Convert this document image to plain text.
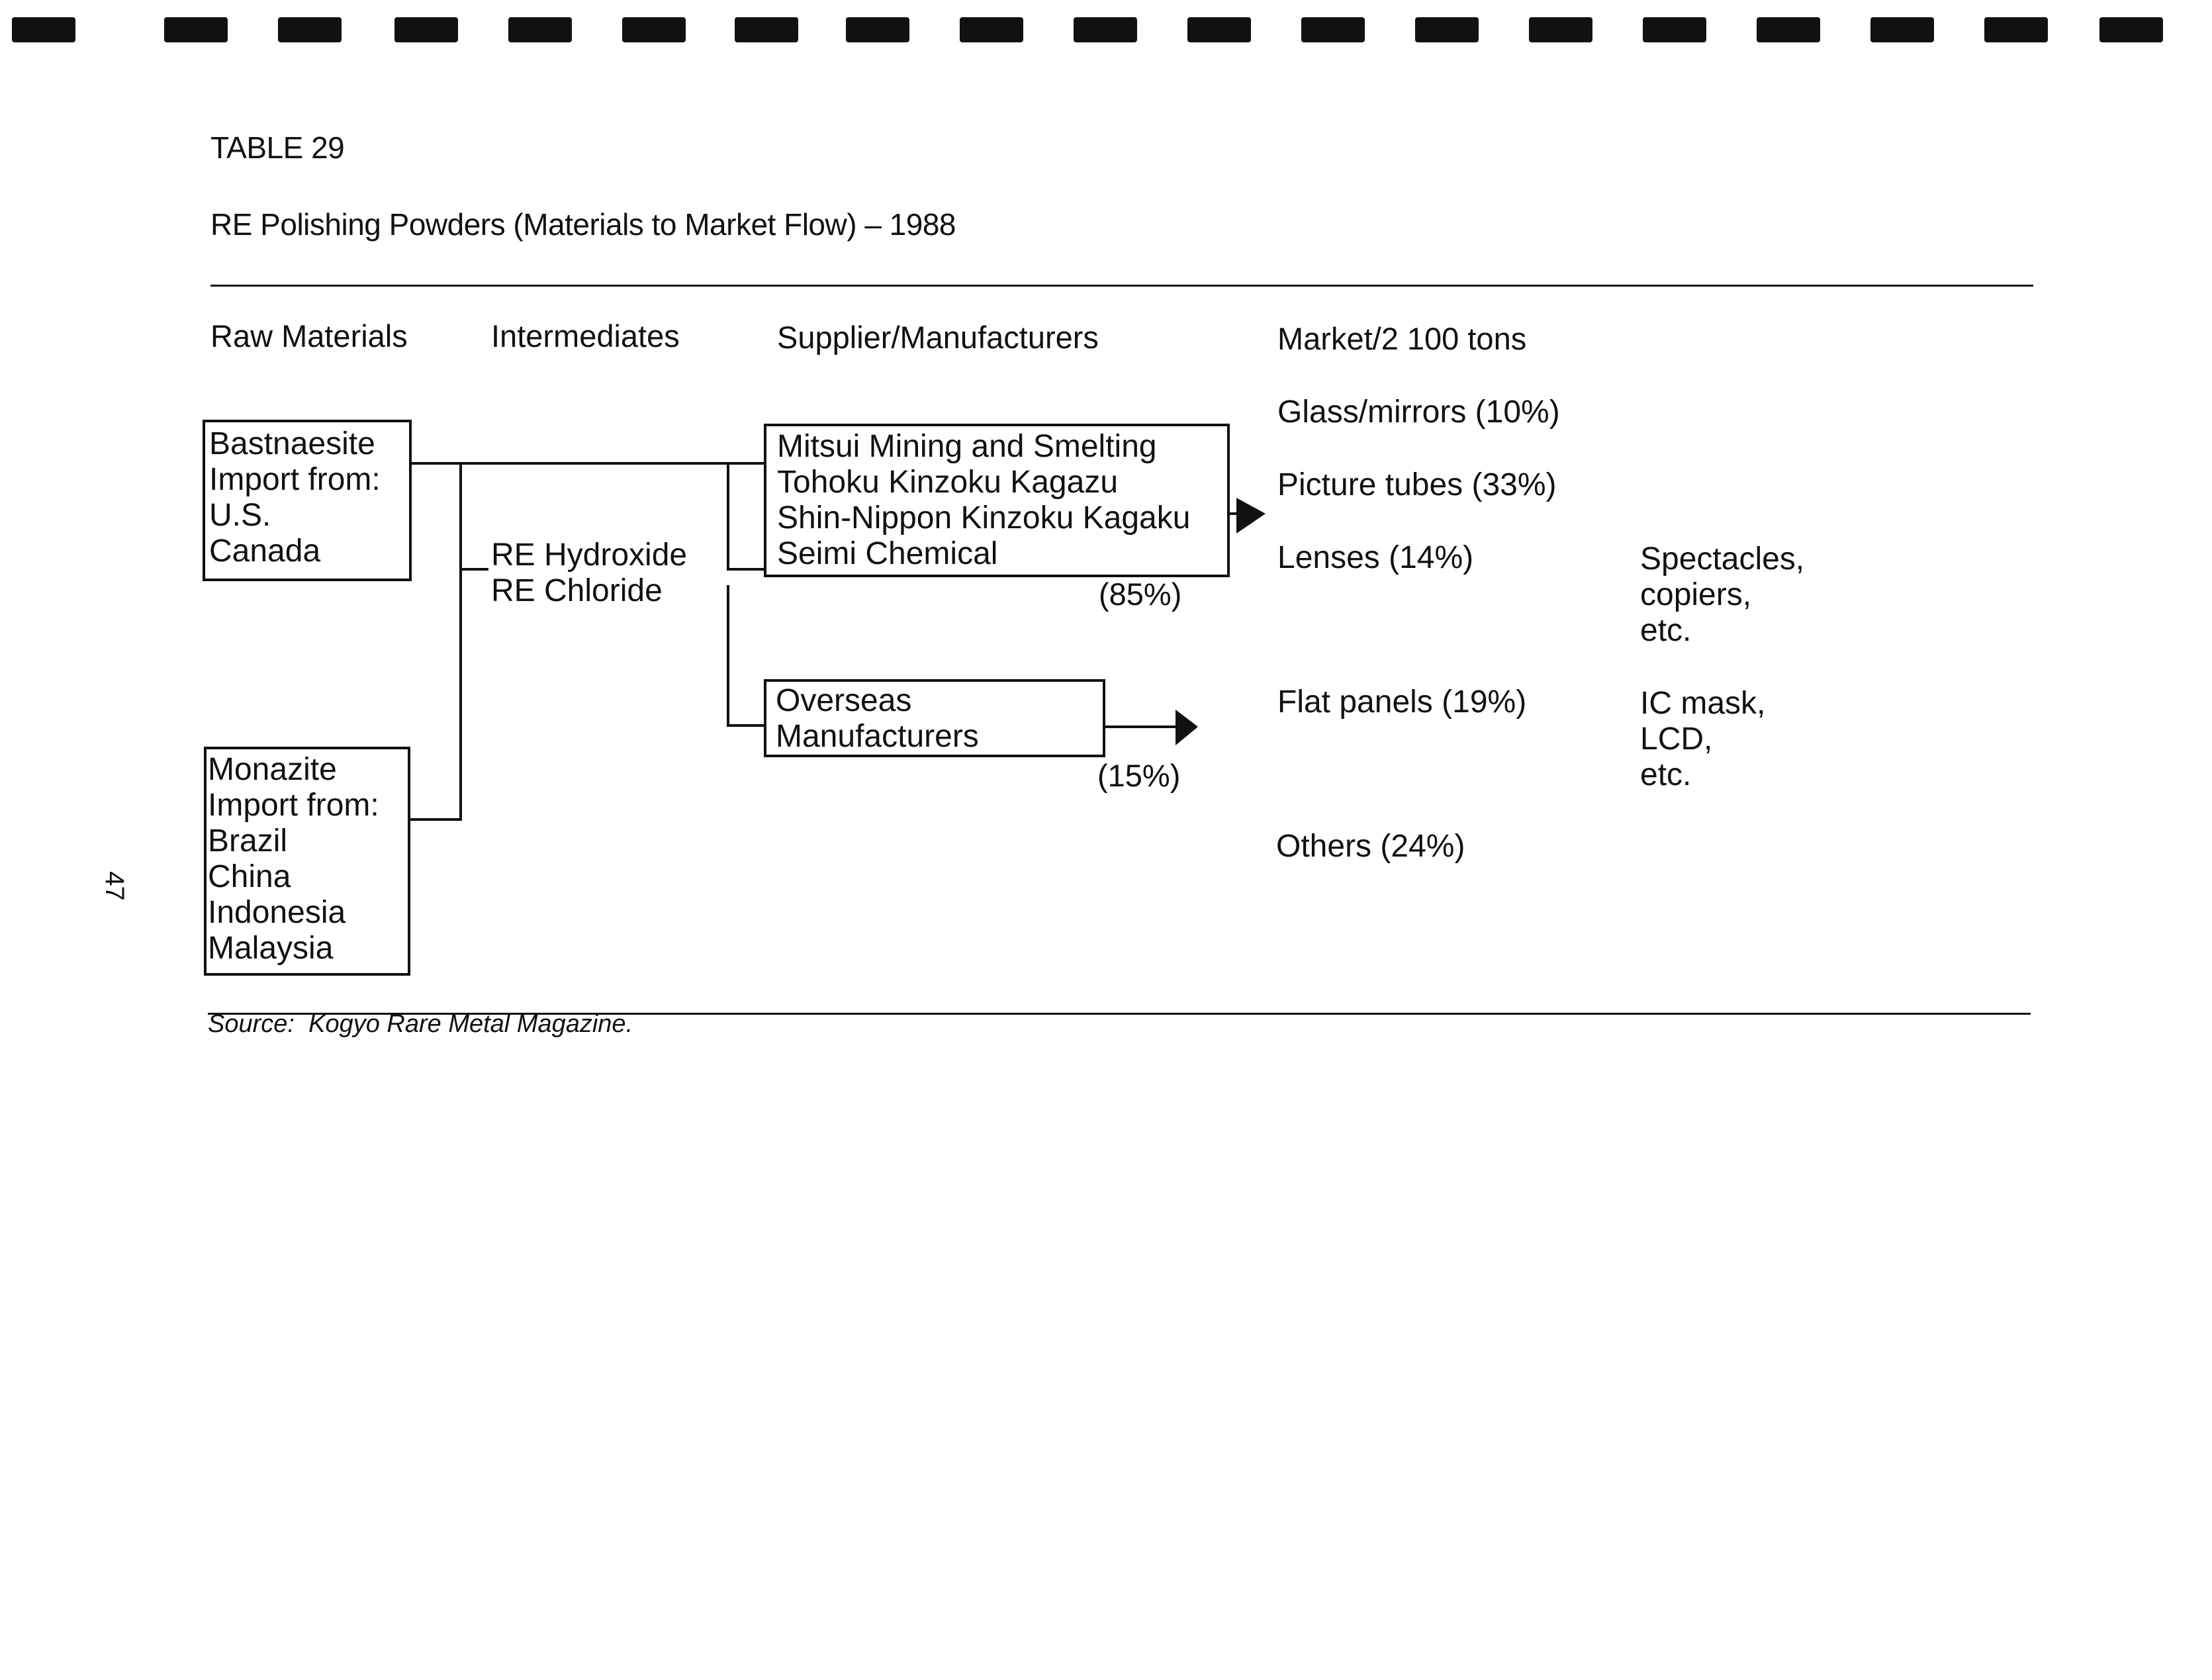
TABLE 29
RE Polishing Powders (Materials to Market Flow) – 1988
Raw Materials	Intermediates	Supplier/Manufacturers	Market/2 100 tons
Bastnaesite
Import from:
U.S.
Canada
Monazite
Import from:
Brazil
China
Indonesia
Malaysia
RE Hydroxide
RE Chloride
Mitsui Mining and Smelting
Tohoku Kinzoku Kagazu
Shin-Nippon Kinzoku Kagaku
Seimi Chemical
(85%)
Overseas
Manufacturers
(15%)
Glass/mirrors (10%)
Picture tubes (33%)
Lenses (14%)
Flat panels (19%)
Others (24%)
Spectacles,
copiers,
etc.
IC mask,
LCD,
etc.
47
Source: Kogyo Rare Metal Magazine.
